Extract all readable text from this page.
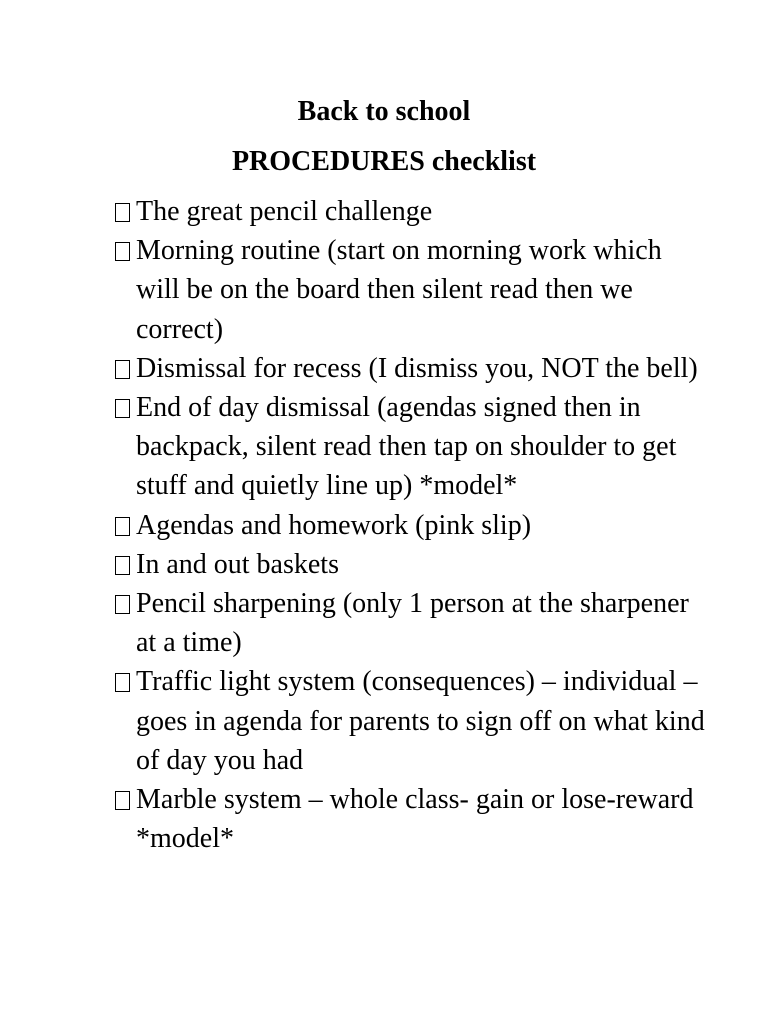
Back to school
PROCEDURES checklist
The great pencil challenge
Morning routine (start on morning work which will be on the board then silent read then we correct)
Dismissal for recess (I dismiss you, NOT the bell)
End of day dismissal (agendas signed then in backpack, silent read then tap on shoulder to get stuff and quietly line up) *model*
Agendas and homework (pink slip)
In and out baskets
Pencil sharpening (only 1 person at the sharpener at a time)
Traffic light system (consequences) – individual – goes in agenda for parents to sign off on what kind of day you had
Marble system – whole class- gain or lose-reward *model*
